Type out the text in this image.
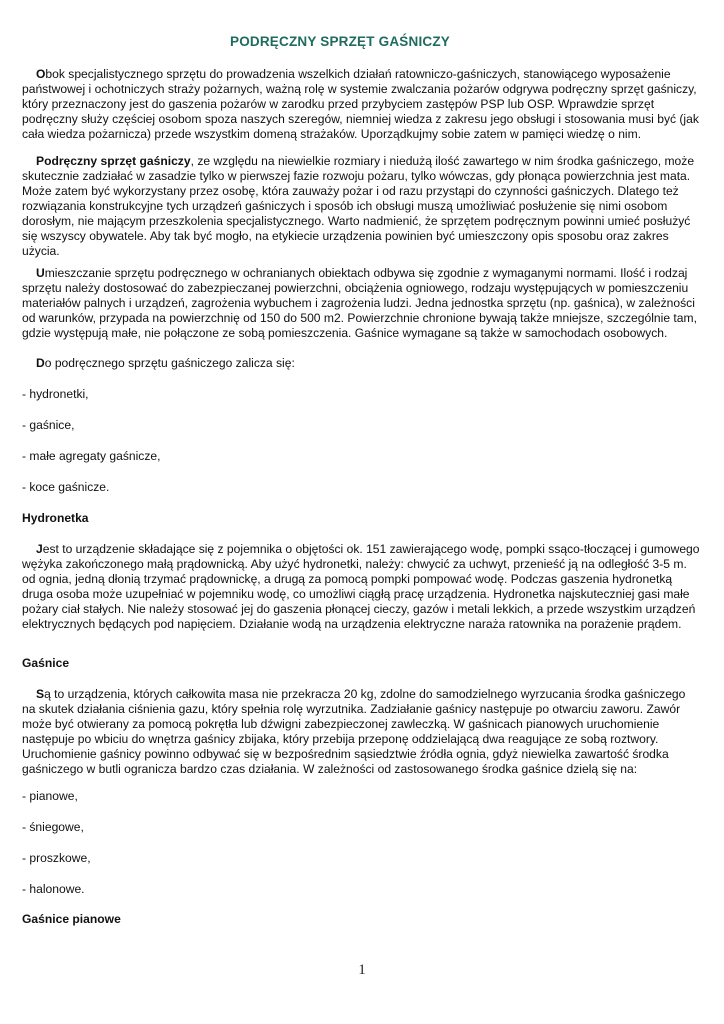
PODRĘCZNY SPRZĘT GAŚNICZY

Obok specjalistycznego sprzętu do prowadzenia wszelkich działań ratowniczo-gaśniczych, stanowiącego wyposażenie państwowej i ochotniczych straży pożarnych, ważną rolę w systemie zwalczania pożarów odgrywa podręczny sprzęt gaśniczy, który przeznaczony jest do gaszenia pożarów w zarodku przed przybyciem zastępów PSP lub OSP. Wprawdzie sprzęt podręczny służy częściej osobom spoza naszych szeregów, niemniej wiedza z zakresu jego obsługi i stosowania musi być (jak cała wiedza pożarnicza) przede wszystkim domeną strażaków. Uporządkujmy sobie zatem w pamięci wiedzę o nim.

Podręczny sprzęt gaśniczy, ze względu na niewielkie rozmiary i niedużą ilość zawartego w nim środka gaśniczego, może skutecznie zadziałać w zasadzie tylko w pierwszej fazie rozwoju pożaru, tylko wówczas, gdy płonąca powierzchnia jest mata. Może zatem być wykorzystany przez osobę, która zauważy pożar i od razu przystąpi do czynności gaśniczych. Dlatego też rozwiązania konstrukcyjne tych urządzeń gaśniczych i sposób ich obsługi muszą umożliwiać posłużenie się nimi osobom dorosłym, nie mającym przeszkolenia specjalistycznego. Warto nadmienić, że sprzętem podręcznym powinni umieć posłużyć się wszyscy obywatele. Aby tak być mogło, na etykiecie urządzenia powinien być umieszczony opis sposobu oraz zakres użycia.

Umieszczanie sprzętu podręcznego w ochranianych obiektach odbywa się zgodnie z wymaganymi normami. Ilość i rodzaj sprzętu należy dostosować do zabezpieczanej powierzchni, obciążenia ogniowego, rodzaju występujących w pomieszczeniu materiałów palnych i urządzeń, zagrożenia wybuchem i zagrożenia ludzi. Jedna jednostka sprzętu (np. gaśnica), w zależności od warunków, przypada na powierzchnię od 150 do 500 m2. Powierzchnie chronione bywają także mniejsze, szczególnie tam, gdzie występują małe, nie połączone ze sobą pomieszczenia. Gaśnice wymagane są także w samochodach osobowych.

Do podręcznego sprzętu gaśniczego zalicza się:

- hydronetki,

- gaśnice,

- małe agregaty gaśnicze,

- koce gaśnicze.

Hydronetka

Jest to urządzenie składające się z pojemnika o objętości ok. 151 zawierającego wodę, pompki ssąco-tłoczącej i gumowego wężyka zakończonego małą prądownicką. Aby użyć hydronetki, należy: chwycić za uchwyt, przenieść ją na odległość 3-5 m. od ognia, jedną dłonią trzymać prądownickę, a drugą za pomocą pompki pompować wodę. Podczas gaszenia hydronetką druga osoba może uzupełniać w pojemniku wodę, co umożliwi ciągłą pracę urządzenia. Hydronetka najskuteczniej gasi małe pożary ciał stałych. Nie należy stosować jej do gaszenia płonącej cieczy, gazów i metali lekkich, a przede wszystkim urządzeń elektrycznych będących pod napięciem. Działanie wodą na urządzenia elektryczne naraża ratownika na porażenie prądem.

Gaśnice

Są to urządzenia, których całkowita masa nie przekracza 20 kg, zdolne do samodzielnego wyrzucania środka gaśniczego na skutek działania ciśnienia gazu, który spełnia rolę wyrzutnika. Zadziałanie gaśnicy następuje po otwarciu zaworu. Zawór może być otwierany za pomocą pokrętła lub dźwigni zabezpieczonej zawleczką. W gaśnicach pianowych uruchomienie następuje po wbiciu do wnętrza gaśnicy zbijaka, który przebija przeponę oddzielającą dwa reagujące ze sobą roztwory. Uruchomienie gaśnicy powinno odbywać się w bezpośrednim sąsiedztwie źródła ognia, gdyż niewielka zawartość środka gaśniczego w butli ogranicza bardzo czas działania. W zależności od zastosowanego środka gaśnice dzielą się na:

- pianowe,

- śniegowe,

- proszkowe,

- halonowe.

Gaśnice pianowe
1
